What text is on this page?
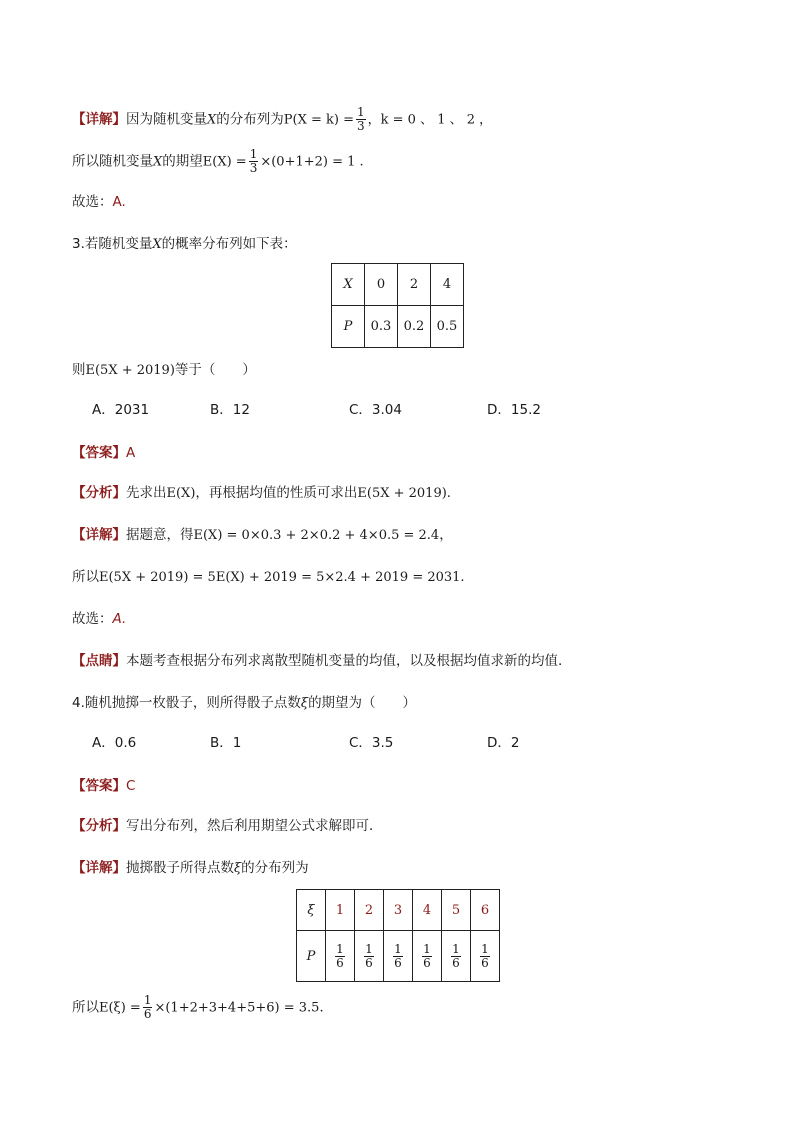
【详解】因为随机变量X的分布列为$P(X = k) = \frac{1}{3}$ ，k = 0 、 1 、 2 ，
所以随机变量X的期望$E(X) = \frac{1}{3} \times(0+1+2) = 1$ .
故选：A.
3.若随机变量X的概率分布列如下表：
X	0	2	4
P	0.3	0.2	0.5
则E(5X + 2019)等于（　　）
A．2031	B．12	C．3.04	D．15.2
【答案】A
【分析】先求出E(X)，再根据均值的性质可求出E(5X + 2019).
【详解】据题意，得E(X) = 0×0.3 + 2×0.2 + 4×0.5 = 2.4，
所以E(5X + 2019) = 5E(X) + 2019 = 5×2.4 + 2019 = 2031.
故选：A.
【点睛】本题考查根据分布列求离散型随机变量的均值，以及根据均值求新的均值.
4.随机抛掷一枚骰子，则所得骰子点数ξ的期望为（　　）
A．0.6	B．1	C．3.5	D．2
【答案】C
【分析】写出分布列，然后利用期望公式求解即可．
【详解】抛掷骰子所得点数ξ的分布列为
ξ	1	2	3	4	5	6
P	$\frac{1}{6}$	$\frac{1}{6}$	$\frac{1}{6}$	$\frac{1}{6}$	$\frac{1}{6}$	$\frac{1}{6}$
所以$E(\xi) = \frac{1}{6} \times(1+2+3+4+5+6) = 3.5$．
